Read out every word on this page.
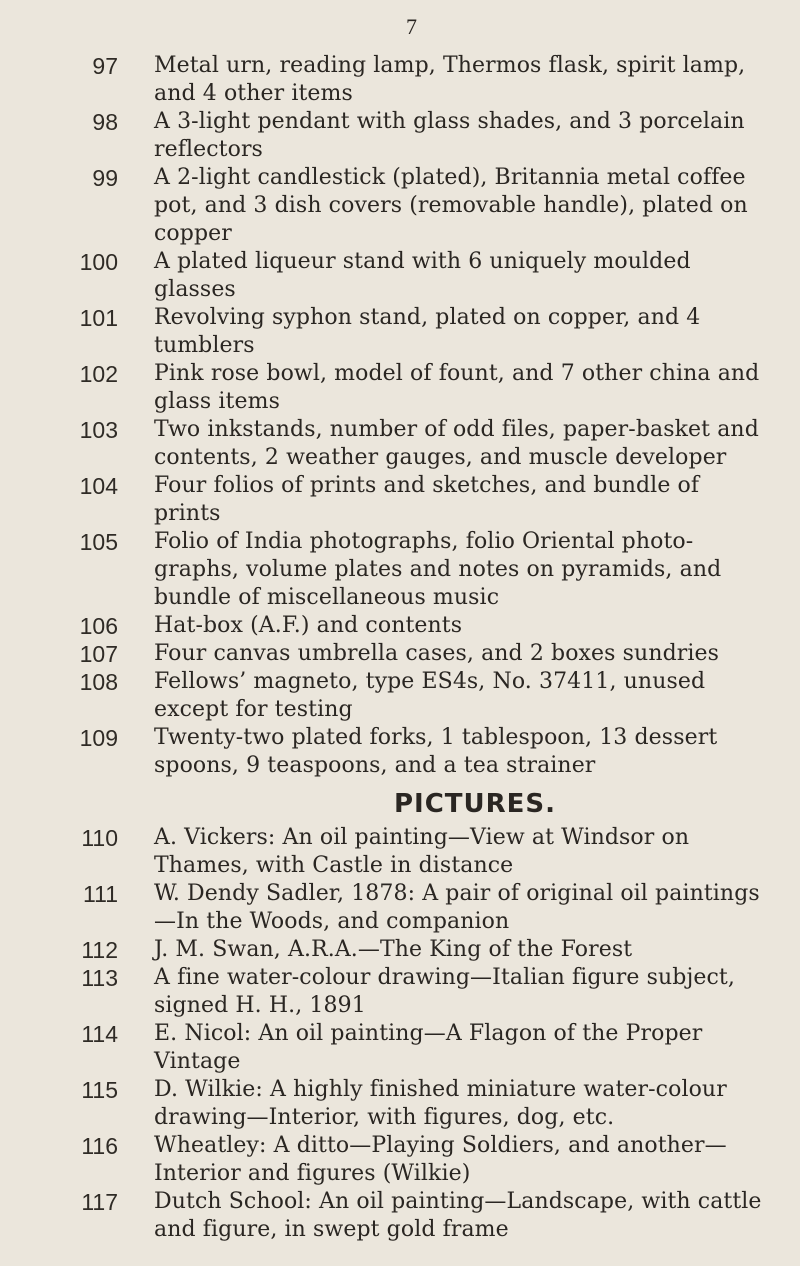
7
97 Metal urn, reading lamp, Thermos flask, spirit lamp, and 4 other items
98 A 3-light pendant with glass shades, and 3 porcelain reflectors
99 A 2-light candlestick (plated), Britannia metal coffee pot, and 3 dish covers (removable handle), plated on copper
100 A plated liqueur stand with 6 uniquely moulded glasses
101 Revolving syphon stand, plated on copper, and 4 tumblers
102 Pink rose bowl, model of fount, and 7 other china and glass items
103 Two inkstands, number of odd files, paper-basket and contents, 2 weather gauges, and muscle developer
104 Four folios of prints and sketches, and bundle of prints
105 Folio of India photographs, folio Oriental photo-graphs, volume plates and notes on pyramids, and bundle of miscellaneous music
106 Hat-box (A.F.) and contents
107 Four canvas umbrella cases, and 2 boxes sundries
108 Fellows’ magneto, type ES4s, No. 37411, unused except for testing
109 Twenty-two plated forks, 1 tablespoon, 13 dessert spoons, 9 teaspoons, and a tea strainer
PICTURES.
110 A. Vickers: An oil painting—View at Windsor on Thames, with Castle in distance
111 W. Dendy Sadler, 1878: A pair of original oil paintings—In the Woods, and companion
112 J. M. Swan, A.R.A.—The King of the Forest
113 A fine water-colour drawing—Italian figure subject, signed H. H., 1891
114 E. Nicol: An oil painting—A Flagon of the Proper Vintage
115 D. Wilkie: A highly finished miniature water-colour drawing—Interior, with figures, dog, etc.
116 Wheatley: A ditto—Playing Soldiers, and another—Interior and figures (Wilkie)
117 Dutch School: An oil painting—Landscape, with cattle and figure, in swept gold frame
